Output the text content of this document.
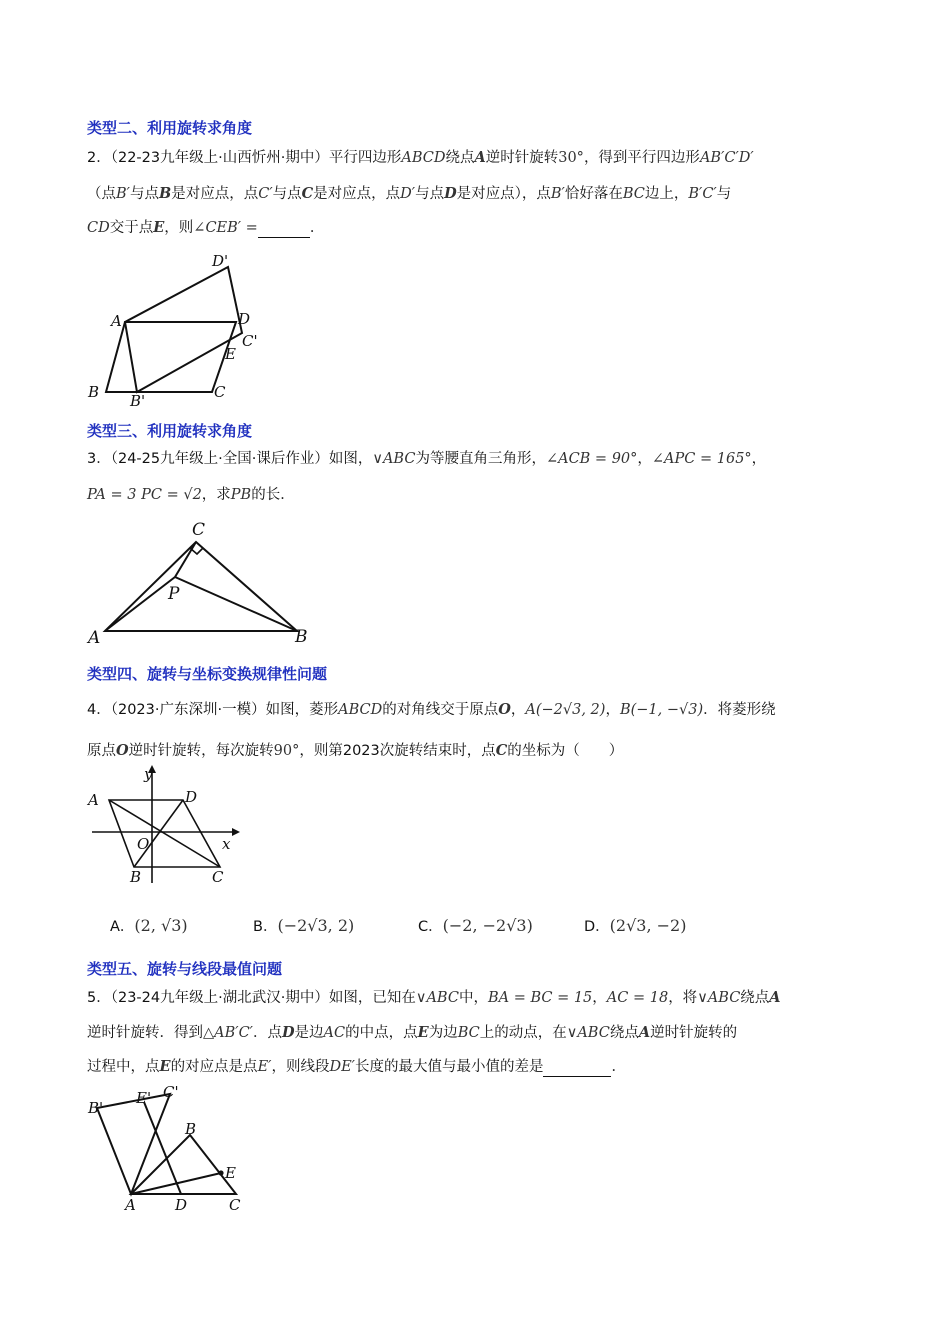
类型二、利用旋转求角度
2．（22-23九年级上·山西忻州·期中）平行四边形ABCD绕点A逆时针旋转30°，得到平行四边形AB′C′D′
（点B′与点B是对应点，点C′与点C是对应点，点D′与点D是对应点），点B′恰好落在BC边上，B′C′与
CD交于点E，则∠CEB′ =	．
D'
A	D
C'
E
B B'	C
类型三、利用旋转求角度
3．（24-25九年级上·全国·课后作业）如图，∨ABC为等腰直角三角形，∠ACB = 90°，∠APC = 165°，
PA = 3 PC = √2，求PB的长．
C
P
A	B
类型四、旋转与坐标变换规律性问题
4．（2023·广东深圳·一模）如图，菱形ABCD的对角线交于原点O，A(−2√3, 2)，B(−1, −√3)．将菱形绕
原点O逆时针旋转，每次旋转90°，则第2023次旋转结束时，点C的坐标为（　　）
y
A	D
O	x
B	C
A．(2, √3)	B．(−2√3, 2)	C．(−2, −2√3)	D．(2√3, −2)
类型五、旋转与线段最值问题
5．（23-24九年级上·湖北武汉·期中）如图，已知在∨ABC中，BA = BC = 15，AC = 18，将∨ABC绕点A
逆时针旋转．得到△AB′C′．点D是边AC的中点，点E为边BC上的动点，在∨ABC绕点A逆时针旋转的
过程中，点E的对应点是点E′，则线段DE′长度的最大值与最小值的差是	．
B'
E' C'
B
E
A	D	C
